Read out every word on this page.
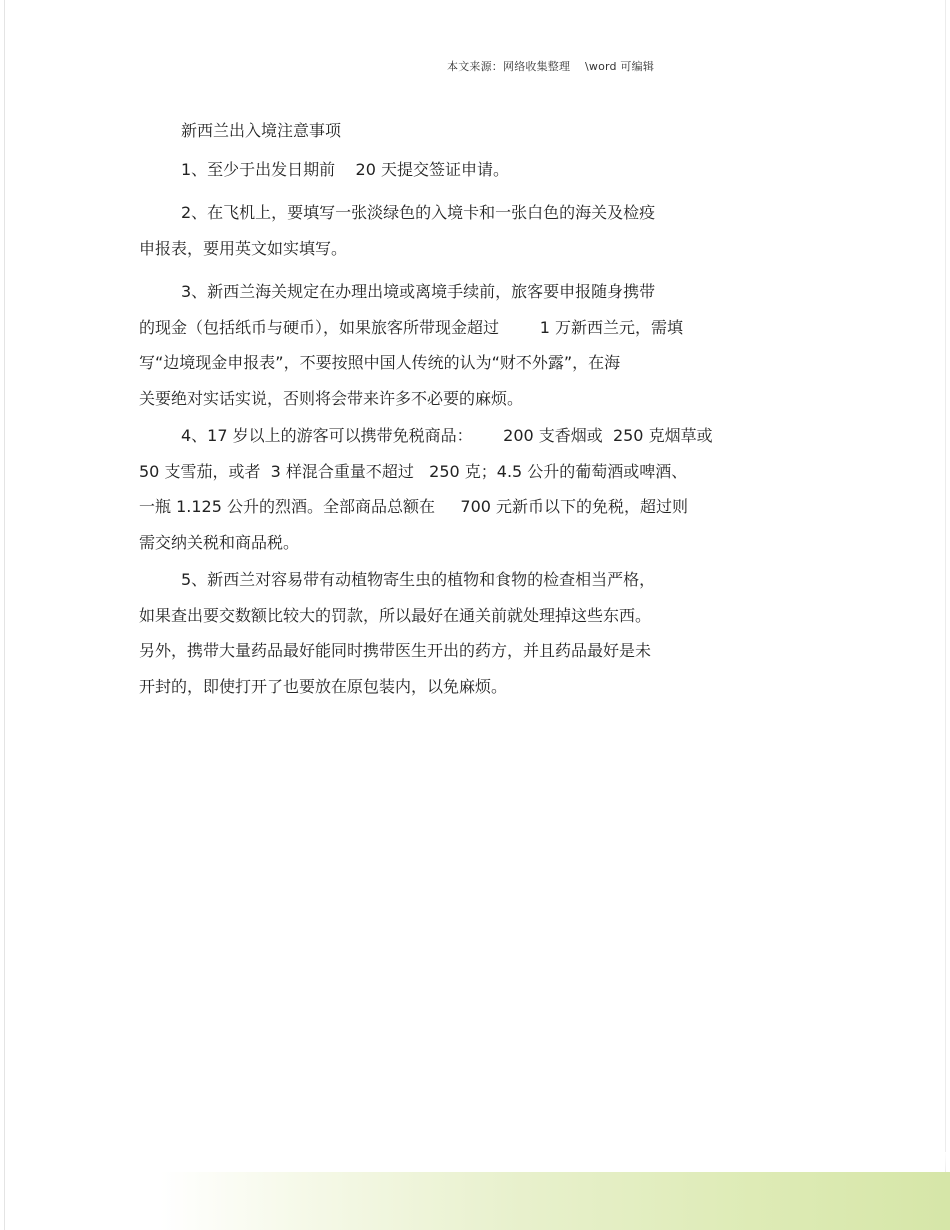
本文来源：网络收集整理    \word 可编辑
新西兰出入境注意事项
1、至少于出发日期前    20 天提交签证申请。
2、在飞机上，要填写一张淡绿色的入境卡和一张白色的海关及检疫
申报表，要用英文如实填写。
3、新西兰海关规定在办理出境或离境手续前，旅客要申报随身携带
的现金（包括纸币与硬币），如果旅客所带现金超过        1 万新西兰元，需填
写“边境现金申报表”，不要按照中国人传统的认为“财不外露”，在海
关要绝对实话实说，否则将会带来许多不必要的麻烦。
4、17 岁以上的游客可以携带免税商品：      200 支香烟或  250 克烟草或
50 支雪茄，或者  3 样混合重量不超过   250 克；4.5 公升的葡萄酒或啤酒、
一瓶 1.125 公升的烈酒。全部商品总额在     700 元新币以下的免税，超过则
需交纳关税和商品税。
5、新西兰对容易带有动植物寄生虫的植物和食物的检查相当严格，
如果查出要交数额比较大的罚款，所以最好在通关前就处理掉这些东西。
另外，携带大量药品最好能同时携带医生开出的药方，并且药品最好是未
开封的，即使打开了也要放在原包装内，以免麻烦。
